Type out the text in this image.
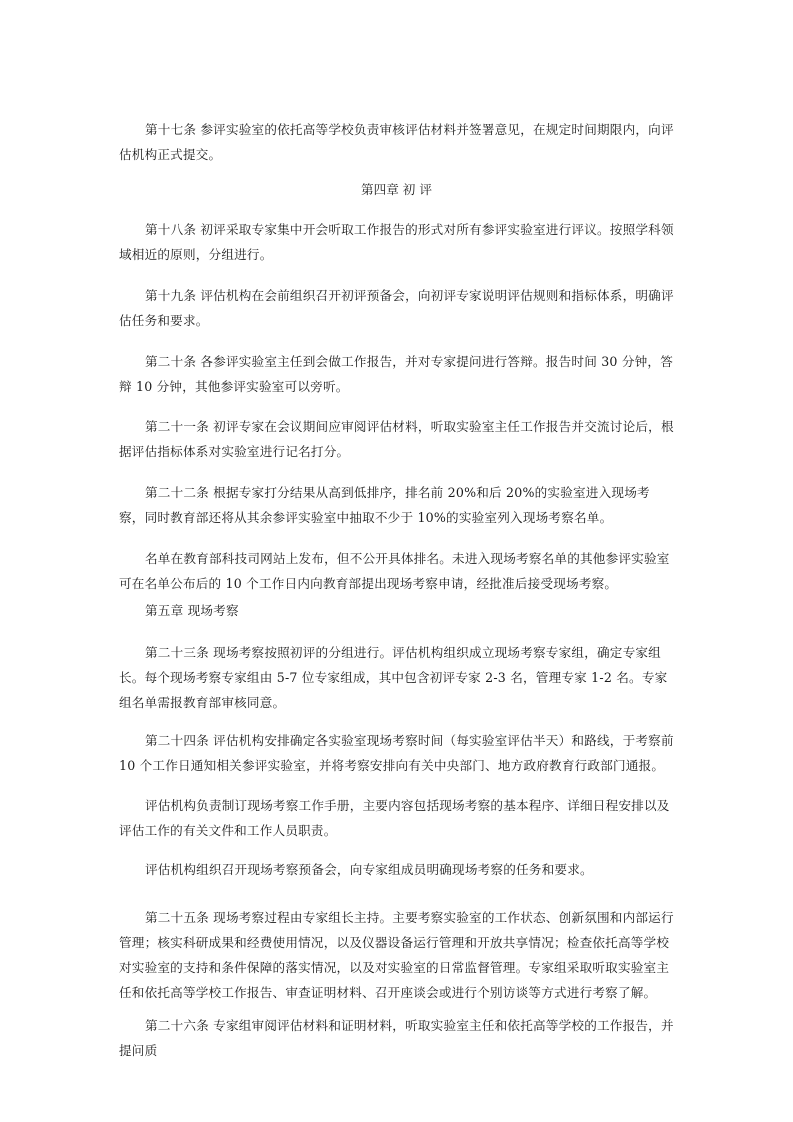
第十七条 参评实验室的依托高等学校负责审核评估材料并签署意见，在规定时间期限内，向评估机构正式提交。

第四章 初 评

第十八条 初评采取专家集中开会听取工作报告的形式对所有参评实验室进行评议。按照学科领域相近的原则，分组进行。

第十九条 评估机构在会前组织召开初评预备会，向初评专家说明评估规则和指标体系，明确评估任务和要求。

第二十条 各参评实验室主任到会做工作报告，并对专家提问进行答辩。报告时间 30 分钟，答辩 10 分钟，其他参评实验室可以旁听。

第二十一条 初评专家在会议期间应审阅评估材料，听取实验室主任工作报告并交流讨论后，根据评估指标体系对实验室进行记名打分。

第二十二条 根据专家打分结果从高到低排序，排名前 20%和后 20%的实验室进入现场考察，同时教育部还将从其余参评实验室中抽取不少于 10%的实验室列入现场考察名单。

名单在教育部科技司网站上发布，但不公开具体排名。未进入现场考察名单的其他参评实验室可在名单公布后的 10 个工作日内向教育部提出现场考察申请，经批准后接受现场考察。

第五章 现场考察

第二十三条 现场考察按照初评的分组进行。评估机构组织成立现场考察专家组，确定专家组长。每个现场考察专家组由 5-7 位专家组成，其中包含初评专家 2-3 名，管理专家 1-2 名。专家组名单需报教育部审核同意。

第二十四条 评估机构安排确定各实验室现场考察时间（每实验室评估半天）和路线，于考察前 10 个工作日通知相关参评实验室，并将考察安排向有关中央部门、地方政府教育行政部门通报。

评估机构负责制订现场考察工作手册，主要内容包括现场考察的基本程序、详细日程安排以及评估工作的有关文件和工作人员职责。

评估机构组织召开现场考察预备会，向专家组成员明确现场考察的任务和要求。

第二十五条 现场考察过程由专家组长主持。主要考察实验室的工作状态、创新氛围和内部运行管理；核实科研成果和经费使用情况，以及仪器设备运行管理和开放共享情况；检查依托高等学校对实验室的支持和条件保障的落实情况，以及对实验室的日常监督管理。专家组采取听取实验室主任和依托高等学校工作报告、审查证明材料、召开座谈会或进行个别访谈等方式进行考察了解。

第二十六条 专家组审阅评估材料和证明材料，听取实验室主任和依托高等学校的工作报告，并提问质
